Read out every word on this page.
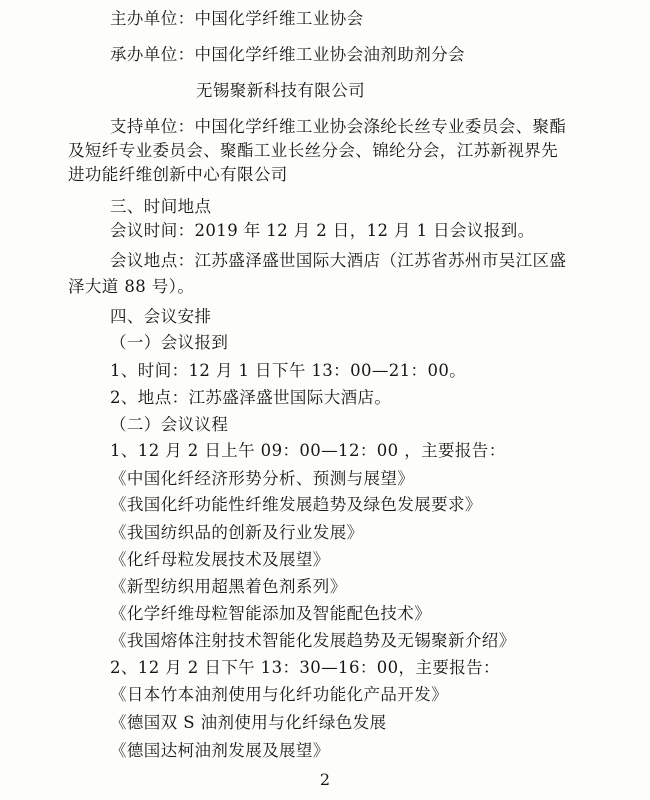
主办单位：中国化学纤维工业协会
承办单位：中国化学纤维工业协会油剂助剂分会
无锡聚新科技有限公司
支持单位：中国化学纤维工业协会涤纶长丝专业委员会、聚酯
及短纤专业委员会、聚酯工业长丝分会、锦纶分会，江苏新视界先
进功能纤维创新中心有限公司
三、时间地点
会议时间：2019 年 12 月 2 日，12 月 1 日会议报到。
会议地点：江苏盛泽盛世国际大酒店（江苏省苏州市吴江区盛
泽大道 88 号）。
四、会议安排
（一）会议报到
1、时间：12 月 1 日下午 13：00—21：00。
2、地点：江苏盛泽盛世国际大酒店。
（二）会议议程
1、12 月 2 日上午 09：00—12：00 ，主要报告：
《中国化纤经济形势分析、预测与展望》
《我国化纤功能性纤维发展趋势及绿色发展要求》
《我国纺织品的创新及行业发展》
《化纤母粒发展技术及展望》
《新型纺织用超黑着色剂系列》
《化学纤维母粒智能添加及智能配色技术》
《我国熔体注射技术智能化发展趋势及无锡聚新介绍》
2、12 月 2 日下午 13：30—16：00，主要报告：
《日本竹本油剂使用与化纤功能化产品开发》
《德国双 S 油剂使用与化纤绿色发展
《德国达柯油剂发展及展望》
2
